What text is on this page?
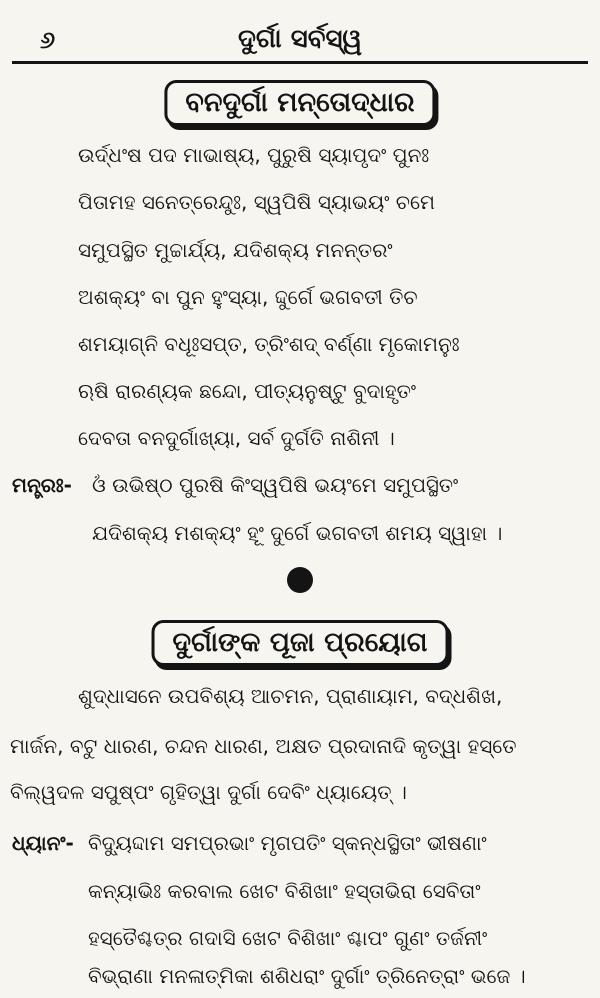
୬	ଦୁର୍ଗା ସର୍ବସ୍ୱ
ବନଦୁର୍ଗା ମନ୍ତୋଦ୍ଧାର
ଉର୍ଦ୍ଧଂଷ ପଦ ମାଭାଷ୍ୟ, ପୁରୁଷି ସ୍ୟାପୃଦଂ ପୁନଃ
ପିତାମହ ସନେତ୍ରେନ୍ଦୁଃ, ସ୍ୱପିଷି ସ୍ୟାଭୟଂ ଚମେ
ସମୁପସ୍ଥିତ ମୁଚ୍ଚାର୍ଯ୍ୟ, ଯଦିଶକ୍ୟ ମନନ୍ତରଂ
ଅଶକ୍ୟଂ ବା ପୁନ ହୁଂସ୍ୟା, ଦ୍ଦୁର୍ଗେ ଭଗବତୀ ତିଚ
ଶମୟାଗ୍ନି ବଧୂଃସପ୍ତ, ତ୍ରିଂଶଦ୍ ବର୍ଣ୍ଣା ମୃକୋମନୁଃ
ଋଷି ରାରଣ୍ୟକ ଛନ୍ଦୋ, ପୀତ୍ୟନୁଷ୍ଟୁ ବୁଦାହୃତଂ
ଦେବତା ବନଦୁର୍ଗାଖ୍ୟା, ସର୍ବ ଦୁର୍ଗତି ନାଶିନୀ ।
ମନ୍ତ୍ରଃ- ଓଁ ଉଭିଷ୍ଠ ପୁରଷି କିଂସ୍ୱପିଷି ଭୟଂମେ ସମୁପସ୍ଥିତଂ
ଯଦିଶକ୍ୟ ମଶକ୍ୟଂ ହୂଂ ଦୁର୍ଗେ ଭଗବତୀ ଶମୟ ସ୍ୱାହା ।
ଦୁର୍ଗାଙ୍କ ପୂଜା ପ୍ରୟୋଗ
ଶୁଦ୍ଧାସନେ ଉପବିଶ୍ୟ ଆଚମନ, ପ୍ରାଣାୟାମ, ବଦ୍ଧଶିଖ,
ମାର୍ଜନ, ବଟୁ ଧାରଣ, ଚନ୍ଦନ ଧାରଣ, ଅକ୍ଷତ ପ୍ରଦାନାଦି କୃତ୍ୱା ହସ୍ତେ
ବିଲ୍ୱଦଳ ସପୁଷ୍ପଂ ଗୃହିତ୍ୱା ଦୁର୍ଗା ଦେବିଂ ଧ୍ୟାୟେତ୍ ।
ଧ୍ୟାନଂ- ବିଦ୍ୟୁଦ୍ଦାମ ସମପ୍ରଭାଂ ମୃଗପତିଂ ସ୍କନ୍ଧସ୍ଥିତାଂ ଭୀଷଣାଂ
କନ୍ୟାଭିଃ କରବାଲ ଖେଟ ବିଶିଖାଂ ହସ୍ତାଭିରା ସେବିତାଂ
ହସ୍ତୈଶ୍ଚତ୍ର ଗଦାସି ଖେଟ ବିଶିଖାଂ ଶ୍ଚାପଂ ଗୁଣଂ ତର୍ଜନୀଂ
ବିଭ୍ରାଣା ମନଳାତ୍ମିକା ଶଶିଧରାଂ ଦୁର୍ଗାଂ ତ୍ରିନେତ୍ରାଂ ଭଜେ ।
